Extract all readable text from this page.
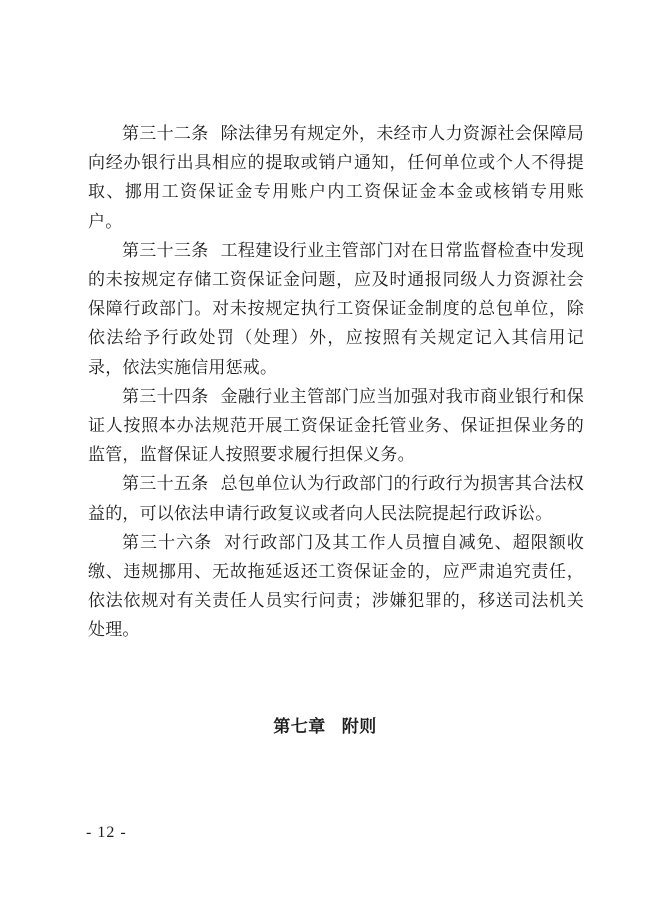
第三十二条 除法律另有规定外，未经市人力资源社会保障局向经办银行出具相应的提取或销户通知，任何单位或个人不得提取、挪用工资保证金专用账户内工资保证金本金或核销专用账户。

第三十三条 工程建设行业主管部门对在日常监督检查中发现的未按规定存储工资保证金问题，应及时通报同级人力资源社会保障行政部门。对未按规定执行工资保证金制度的总包单位，除依法给予行政处罚（处理）外，应按照有关规定记入其信用记录，依法实施信用惩戒。

第三十四条 金融行业主管部门应当加强对我市商业银行和保证人按照本办法规范开展工资保证金托管业务、保证担保业务的监管，监督保证人按照要求履行担保义务。

第三十五条 总包单位认为行政部门的行政行为损害其合法权益的，可以依法申请行政复议或者向人民法院提起行政诉讼。

第三十六条 对行政部门及其工作人员擅自减免、超限额收缴、违规挪用、无故拖延返还工资保证金的，应严肃追究责任，依法依规对有关责任人员实行问责；涉嫌犯罪的，移送司法机关处理。

第七章 附则
- 12 -
